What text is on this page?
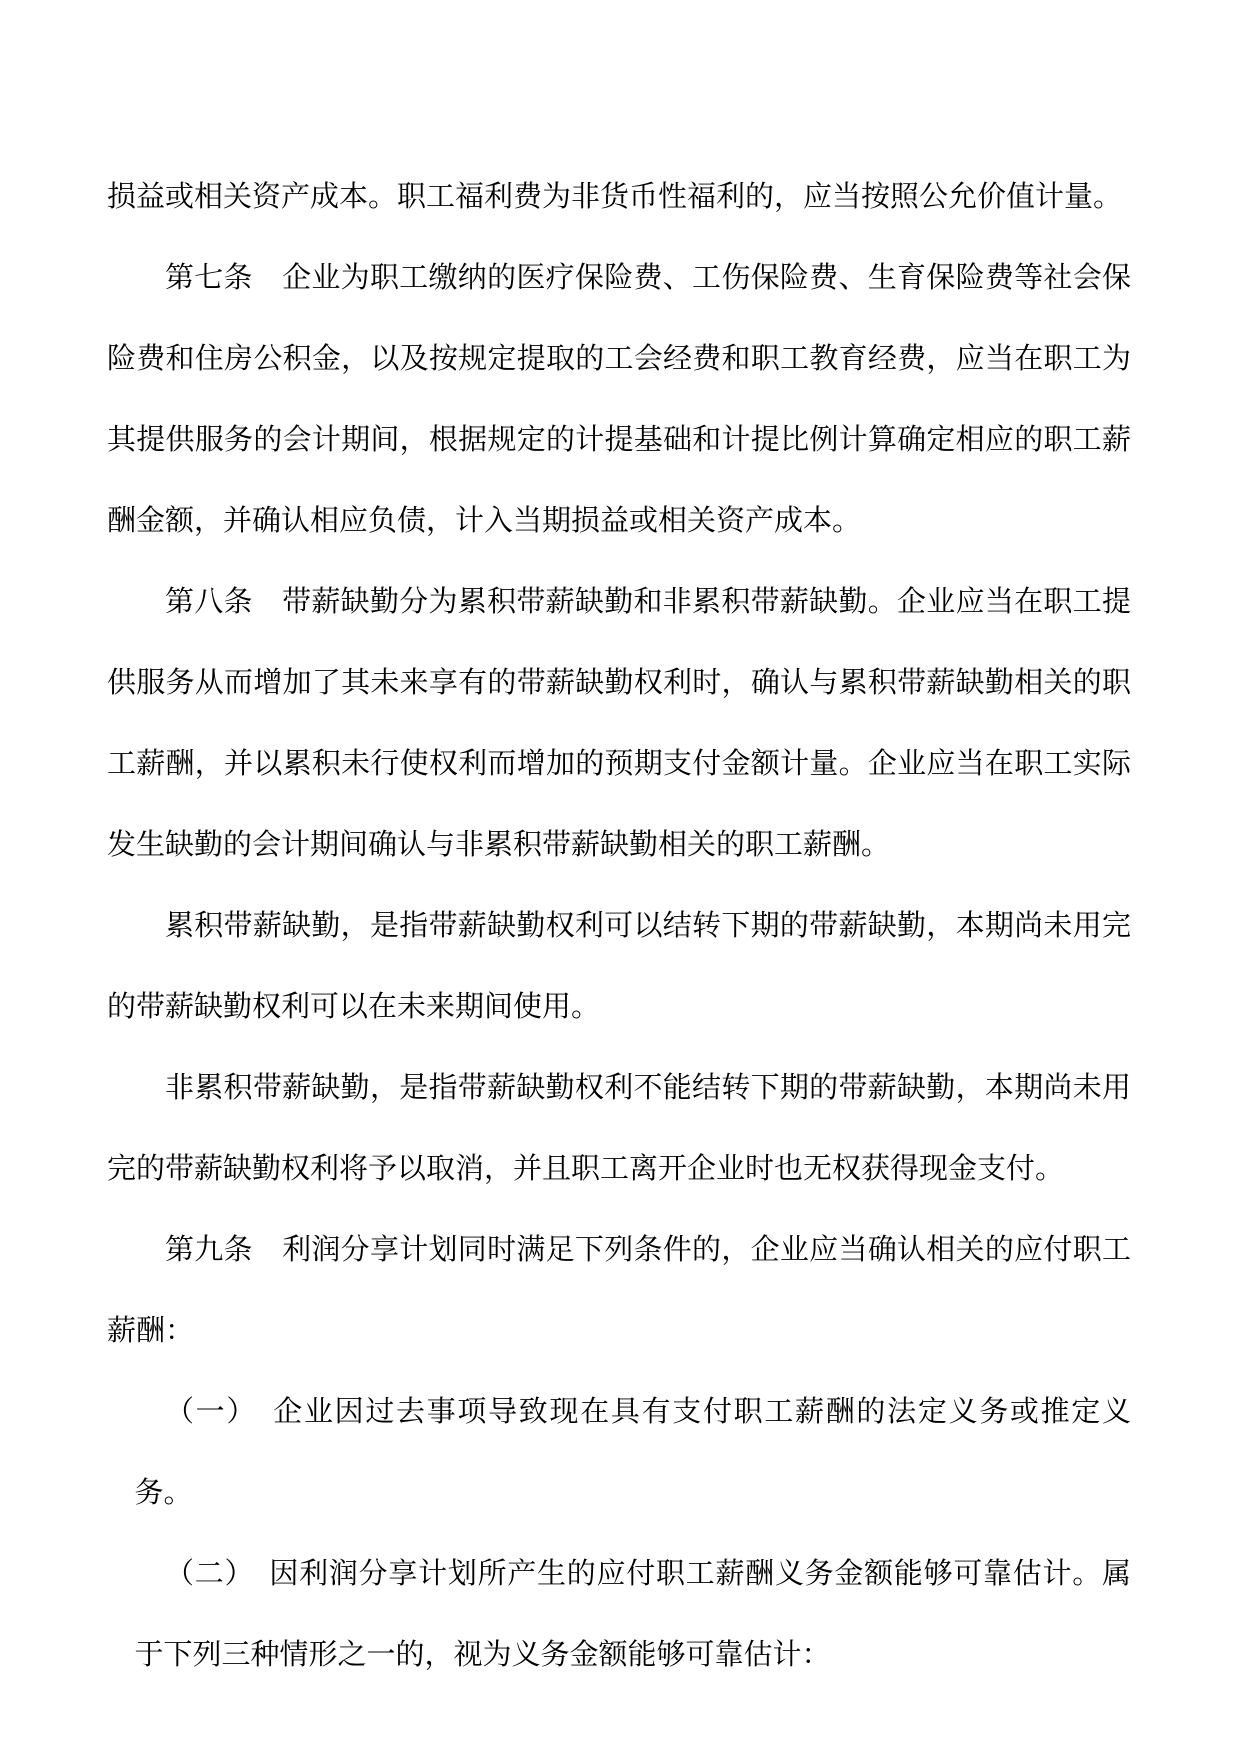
损益或相关资产成本。职工福利费为非货币性福利的，应当按照公允价值计量。

第七条　企业为职工缴纳的医疗保险费、工伤保险费、生育保险费等社会保险费和住房公积金，以及按规定提取的工会经费和职工教育经费，应当在职工为其提供服务的会计期间，根据规定的计提基础和计提比例计算确定相应的职工薪酬金额，并确认相应负债，计入当期损益或相关资产成本。

第八条　带薪缺勤分为累积带薪缺勤和非累积带薪缺勤。企业应当在职工提供服务从而增加了其未来享有的带薪缺勤权利时，确认与累积带薪缺勤相关的职工薪酬，并以累积未行使权利而增加的预期支付金额计量。企业应当在职工实际发生缺勤的会计期间确认与非累积带薪缺勤相关的职工薪酬。

累积带薪缺勤，是指带薪缺勤权利可以结转下期的带薪缺勤，本期尚未用完的带薪缺勤权利可以在未来期间使用。

非累积带薪缺勤，是指带薪缺勤权利不能结转下期的带薪缺勤，本期尚未用完的带薪缺勤权利将予以取消，并且职工离开企业时也无权获得现金支付。

第九条　利润分享计划同时满足下列条件的，企业应当确认相关的应付职工薪酬：

（一）　企业因过去事项导致现在具有支付职工薪酬的法定义务或推定义务。

（二）　因利润分享计划所产生的应付职工薪酬义务金额能够可靠估计。属于下列三种情形之一的，视为义务金额能够可靠估计：
